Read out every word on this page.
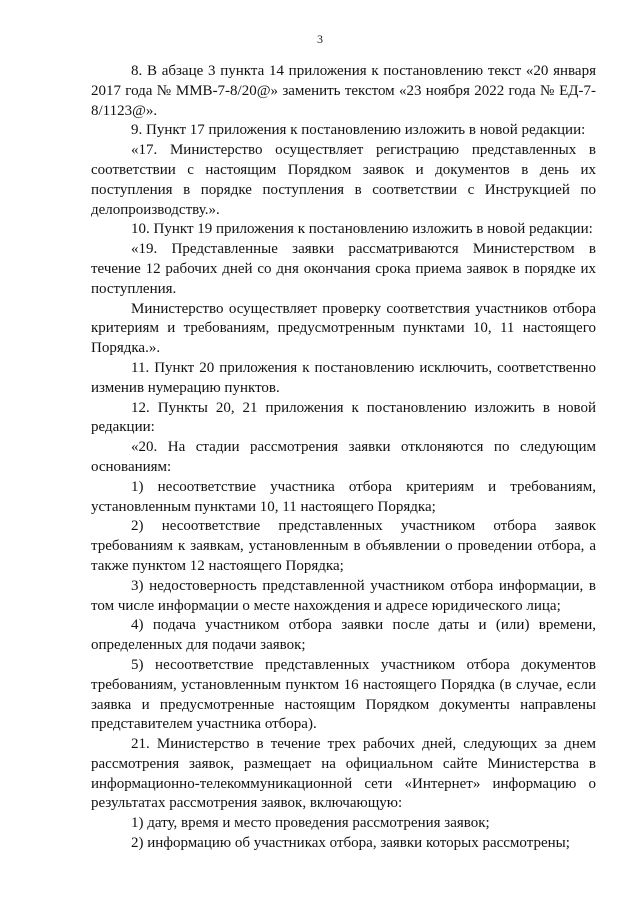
3

8. В абзаце 3 пункта 14 приложения к постановлению текст «20 января 2017 года № ММВ-7-8/20@» заменить текстом «23 ноября 2022 года № ЕД-7-8/1123@».

9. Пункт 17 приложения к постановлению изложить в новой редакции:

«17. Министерство осуществляет регистрацию представленных в соответствии с настоящим Порядком заявок и документов в день их поступления в порядке поступления в соответствии с Инструкцией по делопроизводству.».

10. Пункт 19 приложения к постановлению изложить в новой редакции:

«19. Представленные заявки рассматриваются Министерством в течение 12 рабочих дней со дня окончания срока приема заявок в порядке их поступления.

Министерство осуществляет проверку соответствия участников отбора критериям и требованиям, предусмотренным пунктами 10, 11 настоящего Порядка.».

11. Пункт 20 приложения к постановлению исключить, соответственно изменив нумерацию пунктов.

12. Пункты 20, 21 приложения к постановлению изложить в новой редакции:

«20. На стадии рассмотрения заявки отклоняются по следующим основаниям:

1) несоответствие участника отбора критериям и требованиям, установленным пунктами 10, 11 настоящего Порядка;

2) несоответствие представленных участником отбора заявок требованиям к заявкам, установленным в объявлении о проведении отбора, а также пунктом 12 настоящего Порядка;

3) недостоверность представленной участником отбора информации, в том числе информации о месте нахождения и адресе юридического лица;

4) подача участником отбора заявки после даты и (или) времени, определенных для подачи заявок;

5) несоответствие представленных участником отбора документов требованиям, установленным пунктом 16 настоящего Порядка (в случае, если заявка и предусмотренные настоящим Порядком документы направлены представителем участника отбора).

21. Министерство в течение трех рабочих дней, следующих за днем рассмотрения заявок, размещает на официальном сайте Министерства в информационно-телекоммуникационной сети «Интернет» информацию о результатах рассмотрения заявок, включающую:

1) дату, время и место проведения рассмотрения заявок;

2) информацию об участниках отбора, заявки которых рассмотрены;
